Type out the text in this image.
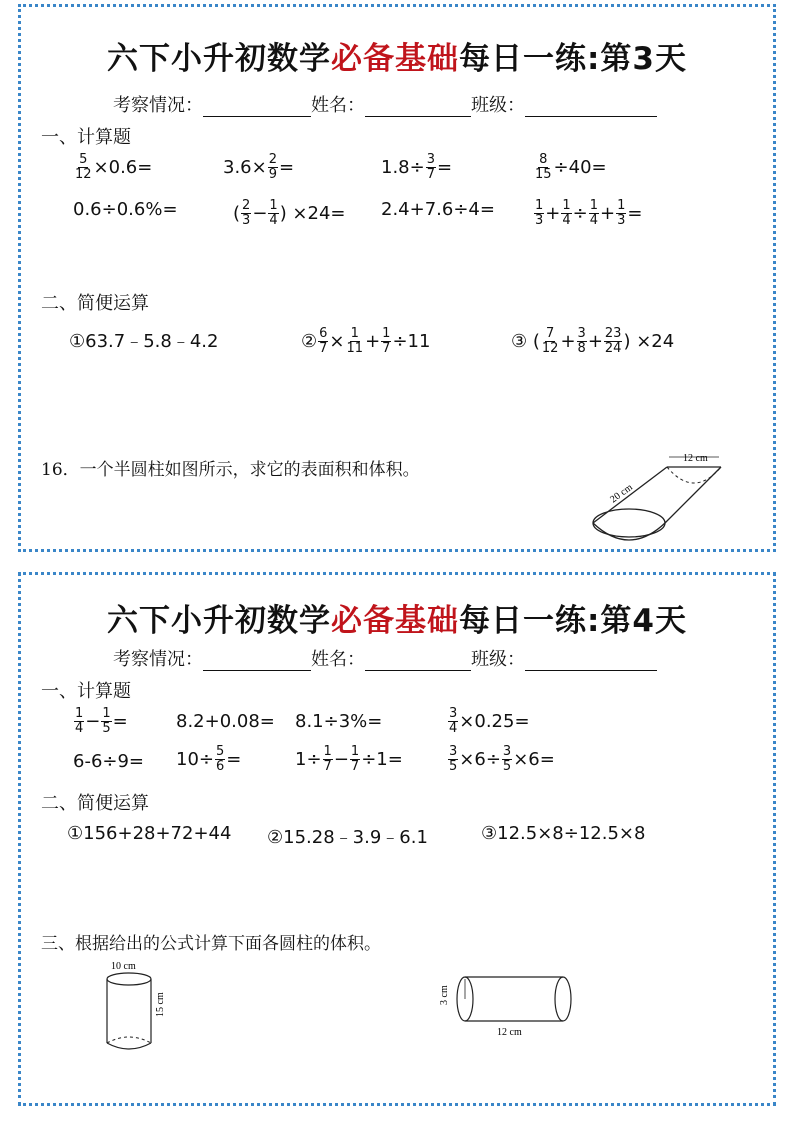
六下小升初数学必备基础每日一练:第3天
考察情况：	姓名：	班级：
一、计算题
$\frac{5}{12} \times 0.6=$	$3.6\times \frac{2}{9}$ =	$1.8\div \frac{3}{7}$ =	$\frac{8}{15} \div 40=$
0.6÷0.6%=	( $\frac{2}{3} - \frac{1}{4}$ ) ×24= 2.4+7.6÷4=	$\frac{1}{3} + \frac{1}{4} \div \frac{1}{4} + \frac{1}{3}$ =
二、简便运算
①63.7﹣5.8﹣4.2	② $\frac{6}{7} \times \frac{1}{11} + \frac{1}{7} \div 11$	③ ( $\frac{7}{12} + \frac{3}{8} + \frac{23}{24}$ ) ×24
16．一个半圆柱如图所示，求它的表面积和体积。
12 cm
20 cm
六下小升初数学必备基础每日一练:第4天
考察情况：	姓名：	班级：
一、计算题
$\frac{1}{4} - \frac{1}{5}$ =	8.2+0.08= 8.1÷3%=	$\frac{3}{4} \times 0.25=$
$6-6\div 9= 10\div \frac{5}{6}$ =	$1\div \frac{1}{7} - \frac{1}{7} \div 1=$	$\frac{3}{5} \times 6\div \frac{3}{5} \times 6=$
二、简便运算
①156+28+72+44 ②15.28﹣3.9﹣6.1	③12.5×8÷12.5×8
三、根据给出的公式计算下面各圆柱的体积。
10 cm
15 cm	3 cm
12 cm
